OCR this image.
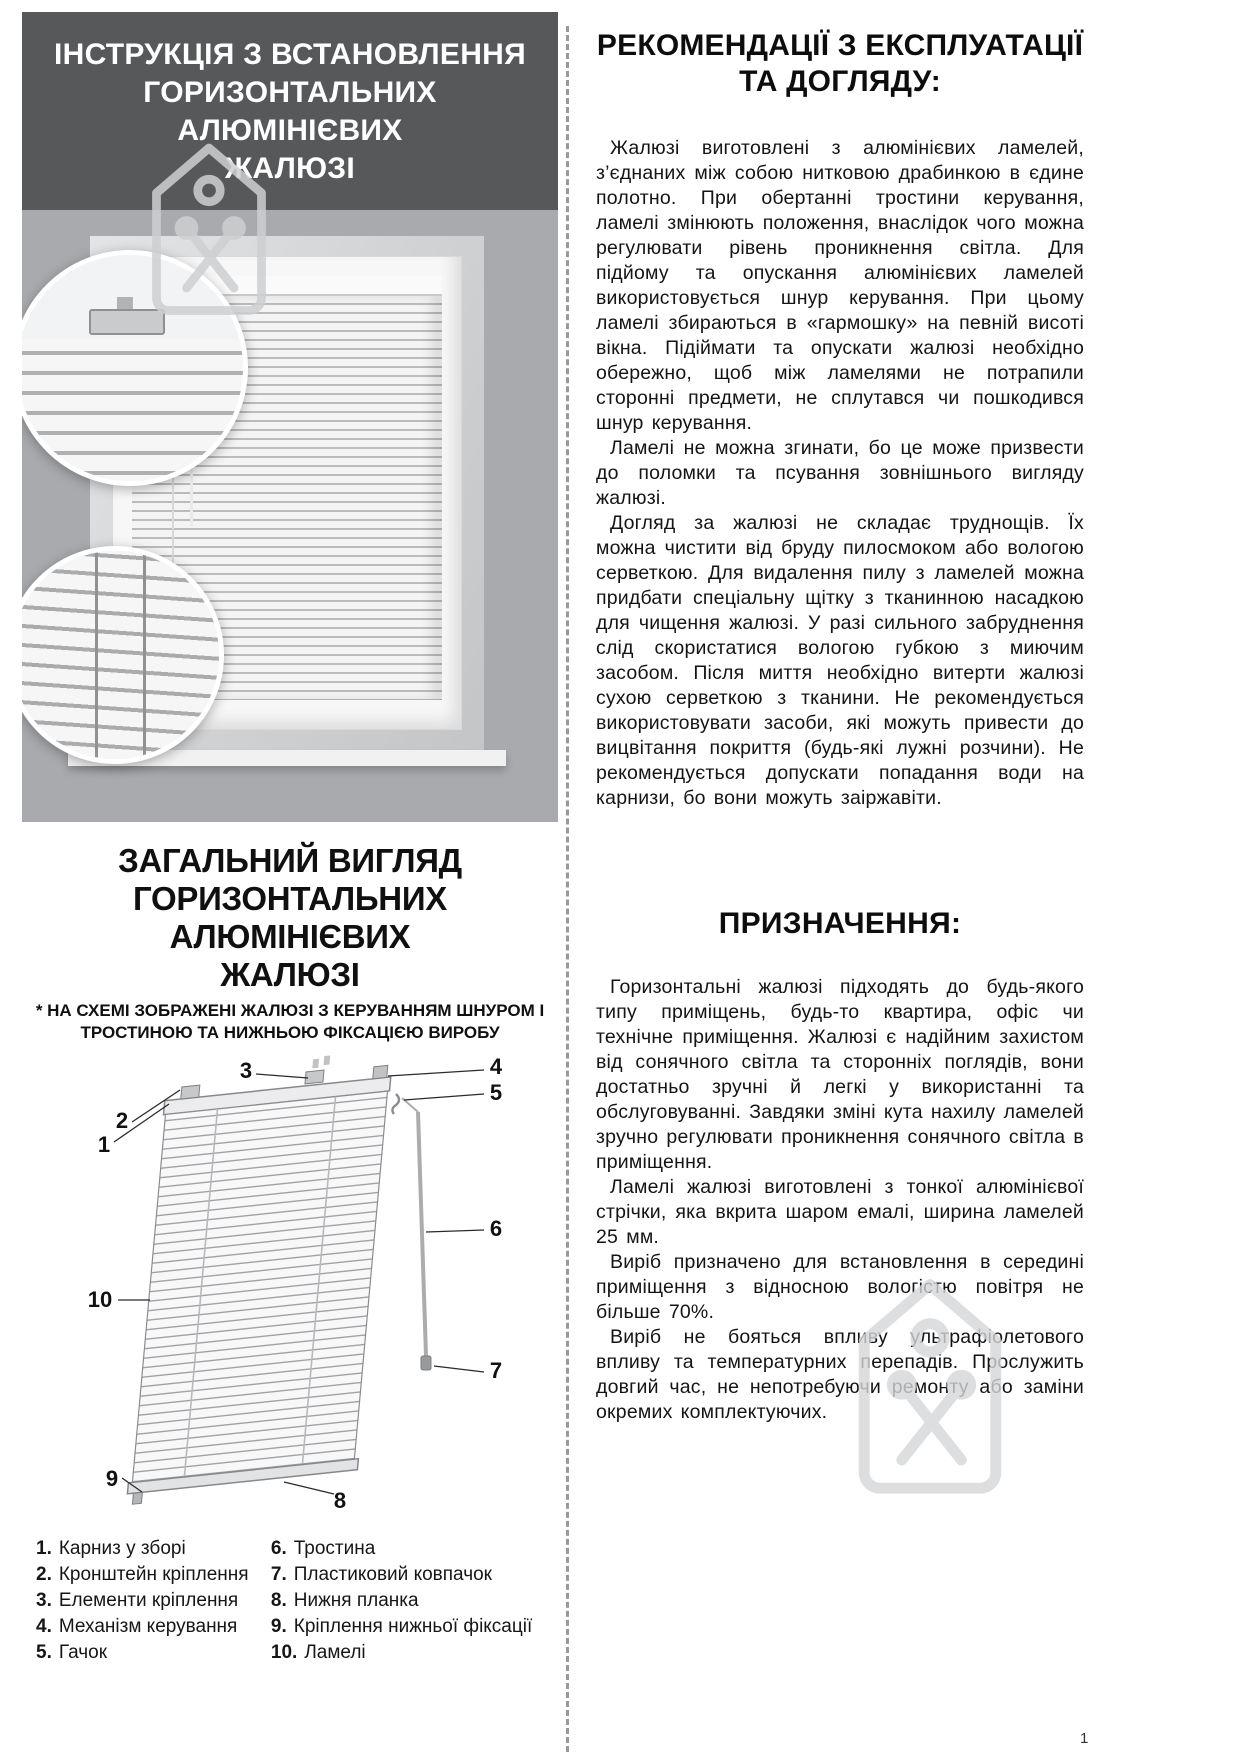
ІНСТРУКЦІЯ З ВСТАНОВЛЕННЯ
ГОРИЗОНТАЛЬНИХ АЛЮМІНІЄВИХ
ЖАЛЮЗІ
ЗАГАЛЬНИЙ ВИГЛЯД
ГОРИЗОНТАЛЬНИХ АЛЮМІНІЄВИХ
ЖАЛЮЗІ
* НА СХЕМІ ЗОБРАЖЕНІ ЖАЛЮЗІ З КЕРУВАННЯМ ШНУРОМ І
ТРОСТИНОЮ ТА НИЖНЬОЮ ФІКСАЦІЄЮ ВИРОБУ
1
2
3	4
5
6
7
8
9
10
1. Карниз у зборі
2. Кронштейн кріплення
3. Елементи кріплення
4. Механізм керування
5. Гачок
6. Тростина
7. Пластиковий ковпачок
8. Нижня планка
9. Кріплення нижньої фіксації
10. Ламелі
РЕКОМЕНДАЦІЇ З ЕКСПЛУАТАЦІЇ
ТА ДОГЛЯДУ:

Жалюзі виготовлені з алюмінієвих ламелей, з’єднаних між собою нитковою драбинкою в єдине полотно. При обертанні тростини керування, ламелі змінюють положення, внаслідок чого можна регулювати рівень проникнення світла. Для підйому та опускання алюмінієвих ламелей використовується шнур керування. При цьому ламелі збираються в «гармошку» на певній висоті вікна. Підіймати та опускати жалюзі необхідно обережно, щоб між ламелями не потрапили сторонні предмети, не сплутався чи пошкодився шнур керування.

Ламелі не можна згинати, бо це може призвести до поломки та псування зовнішнього вигляду жалюзі.

Догляд за жалюзі не складає труднощів. Їх можна чистити від бруду пилосмоком або вологою серветкою. Для видалення пилу з ламелей можна придбати спеціальну щітку з тканинною насадкою для чищення жалюзі. У разі сильного забруднення слід скористатися вологою губкою з миючим засобом. Після миття необхідно витерти жалюзі сухою серветкою з тканини. Не рекомендується використовувати засоби, які можуть привести до вицвітання покриття (будь-які лужні розчини). Не рекомендується допускати попадання води на карнизи, бо вони можуть заіржавіти.

ПРИЗНАЧЕННЯ:

Горизонтальні жалюзі підходять до будь-якого типу приміщень, будь-то квартира, офіс чи технічне приміщення. Жалюзі є надійним захистом від сонячного світла та сторонніх поглядів, вони достатньо зручні й легкі у використанні та обслуговуванні. Завдяки зміні кута нахилу ламелей зручно регулювати проникнення сонячного світла в приміщення.

Ламелі жалюзі виготовлені з тонкої алюмінієвої стрічки, яка вкрита шаром емалі, ширина ламелей 25 мм.

Виріб призначено для встановлення в середині приміщення з відносною вологістю повітря не більше 70%.

Виріб не бояться впливу ультрафіолетового впливу та температурних перепадів. Прослужить довгий час, не непотребуючи ремонту або заміни окремих комплектуючих.

1
